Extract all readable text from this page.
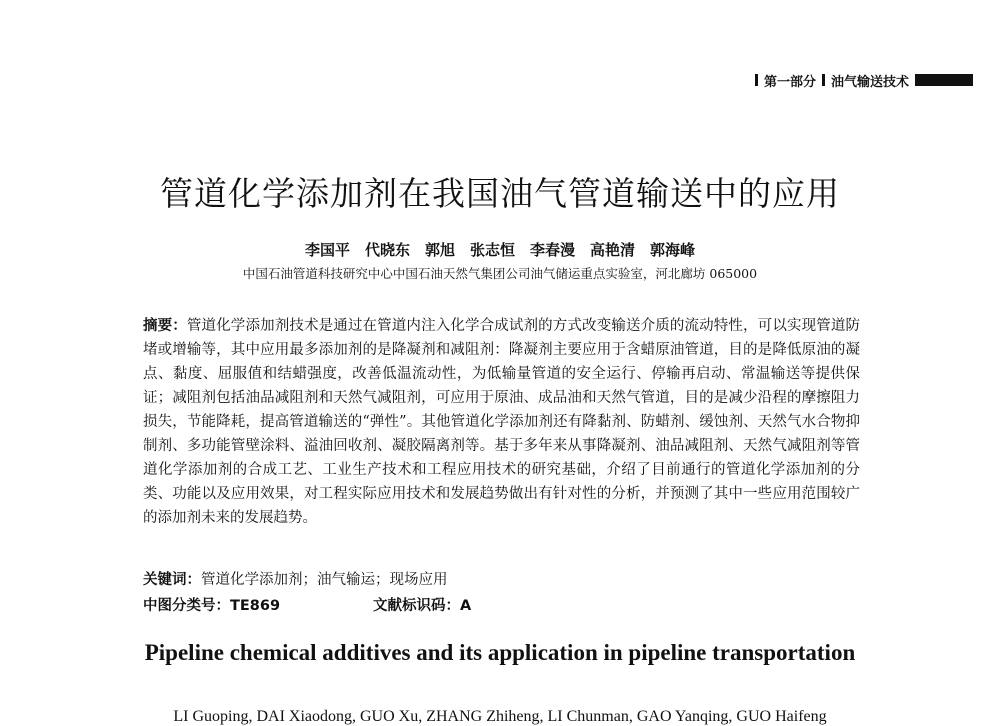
第一部分 油气输送技术
管道化学添加剂在我国油气管道输送中的应用
李国平　代晓东　郭旭　张志恒　李春漫　高艳清　郭海峰
中国石油管道科技研究中心中国石油天然气集团公司油气储运重点实验室，河北廊坊 065000

摘要：管道化学添加剂技术是通过在管道内注入化学合成试剂的方式改变输送介质的流动特性，可以实现管道防堵或增输等，其中应用最多添加剂的是降凝剂和减阻剂：降凝剂主要应用于含蜡原油管道，目的是降低原油的凝点、黏度、屈服值和结蜡强度，改善低温流动性，为低输量管道的安全运行、停输再启动、常温输送等提供保证；减阻剂包括油品减阻剂和天然气减阻剂，可应用于原油、成品油和天然气管道，目的是减少沿程的摩擦阻力损失，节能降耗，提高管道输送的“弹性”。其他管道化学添加剂还有降黏剂、防蜡剂、缓蚀剂、天然气水合物抑制剂、多功能管壁涂料、溢油回收剂、凝胶隔离剂等。基于多年来从事降凝剂、油品减阻剂、天然气减阻剂等管道化学添加剂的合成工艺、工业生产技术和工程应用技术的研究基础，介绍了目前通行的管道化学添加剂的分类、功能以及应用效果，对工程实际应用技术和发展趋势做出有针对性的分析，并预测了其中一些应用范围较广的添加剂未来的发展趋势。

关键词：管道化学添加剂；油气输运；现场应用
中图分类号：TE869	文献标识码：A
Pipeline chemical additives and its application in pipeline transportation
LI Guoping, DAI Xiaodong, GUO Xu, ZHANG Zhiheng, LI Chunman, GAO Yanqing, GUO Haifeng
